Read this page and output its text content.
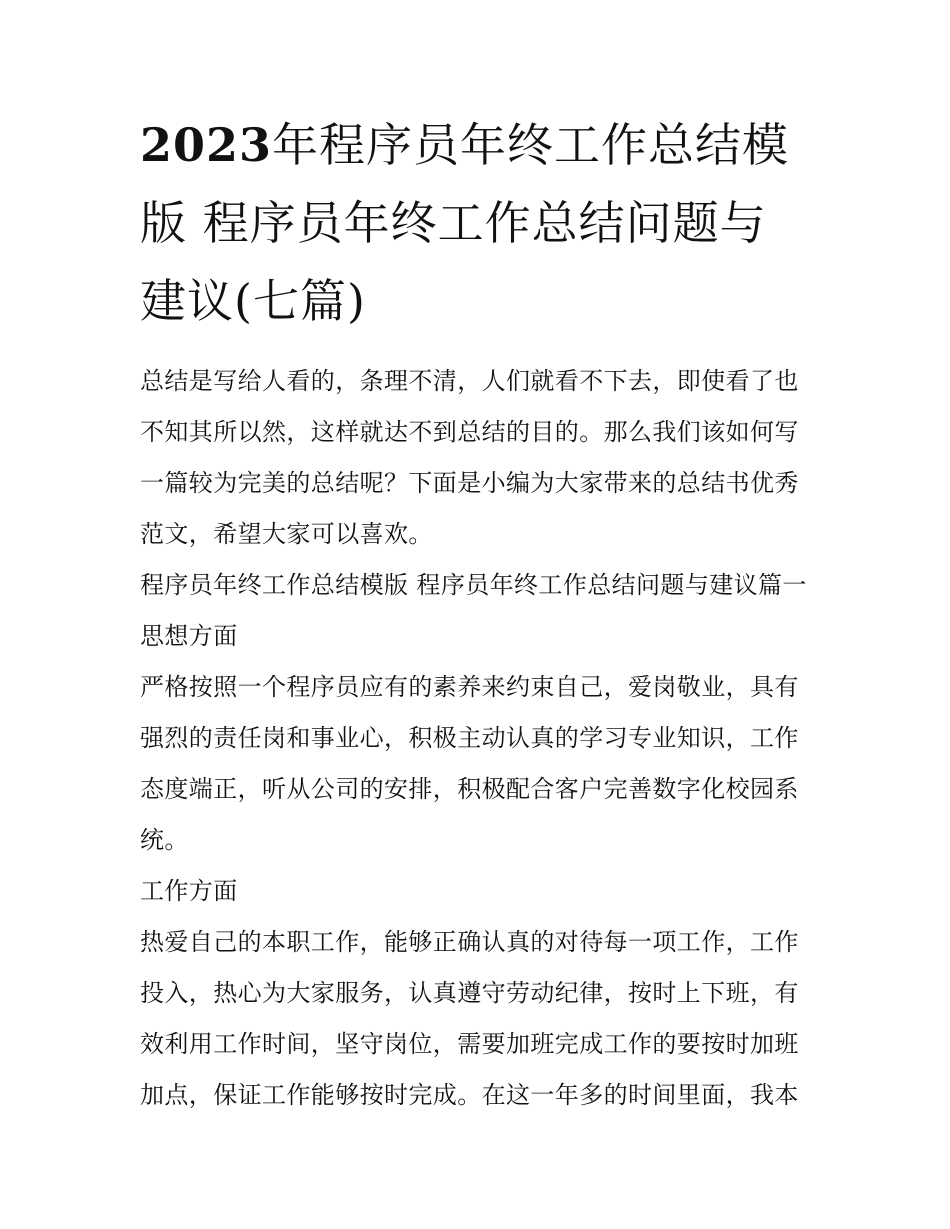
2023年程序员年终工作总结模版 程序员年终工作总结问题与建议(七篇)

总结是写给人看的，条理不清，人们就看不下去，即使看了也不知其所以然，这样就达不到总结的目的。那么我们该如何写一篇较为完美的总结呢？下面是小编为大家带来的总结书优秀范文，希望大家可以喜欢。

程序员年终工作总结模版 程序员年终工作总结问题与建议篇一 思想方面

严格按照一个程序员应有的素养来约束自己，爱岗敬业，具有强烈的责任岗和事业心，积极主动认真的学习专业知识，工作态度端正，听从公司的安排，积极配合客户完善数字化校园系统。

工作方面

热爱自己的本职工作，能够正确认真的对待每一项工作，工作投入，热心为大家服务，认真遵守劳动纪律，按时上下班，有效利用工作时间，坚守岗位，需要加班完成工作的要按时加班加点，保证工作能够按时完成。在这一年多的时间里面，我本
